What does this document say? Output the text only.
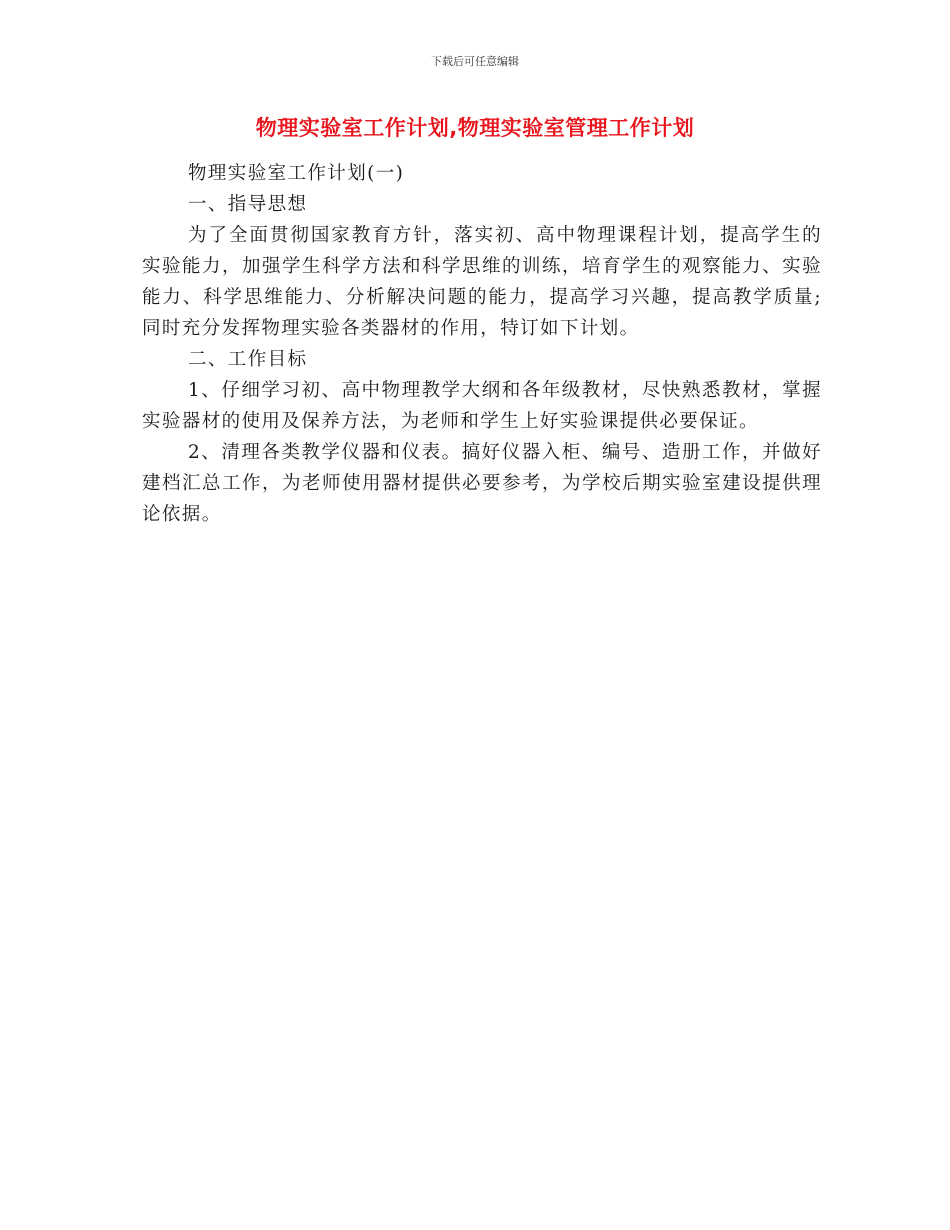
下载后可任意编辑
物理实验室工作计划,物理实验室管理工作计划

物理实验室工作计划(一)

一、指导思想

为了全面贯彻国家教育方针，落实初、高中物理课程计划，提高学生的实验能力，加强学生科学方法和科学思维的训练，培育学生的观察能力、实验能力、科学思维能力、分析解决问题的能力，提高学习兴趣，提高教学质量;同时充分发挥物理实验各类器材的作用，特订如下计划。

二、工作目标

1、仔细学习初、高中物理教学大纲和各年级教材，尽快熟悉教材，掌握实验器材的使用及保养方法，为老师和学生上好实验课提供必要保证。

2、清理各类教学仪器和仪表。搞好仪器入柜、编号、造册工作，并做好建档汇总工作，为老师使用器材提供必要参考，为学校后期实验室建设提供理论依据。
